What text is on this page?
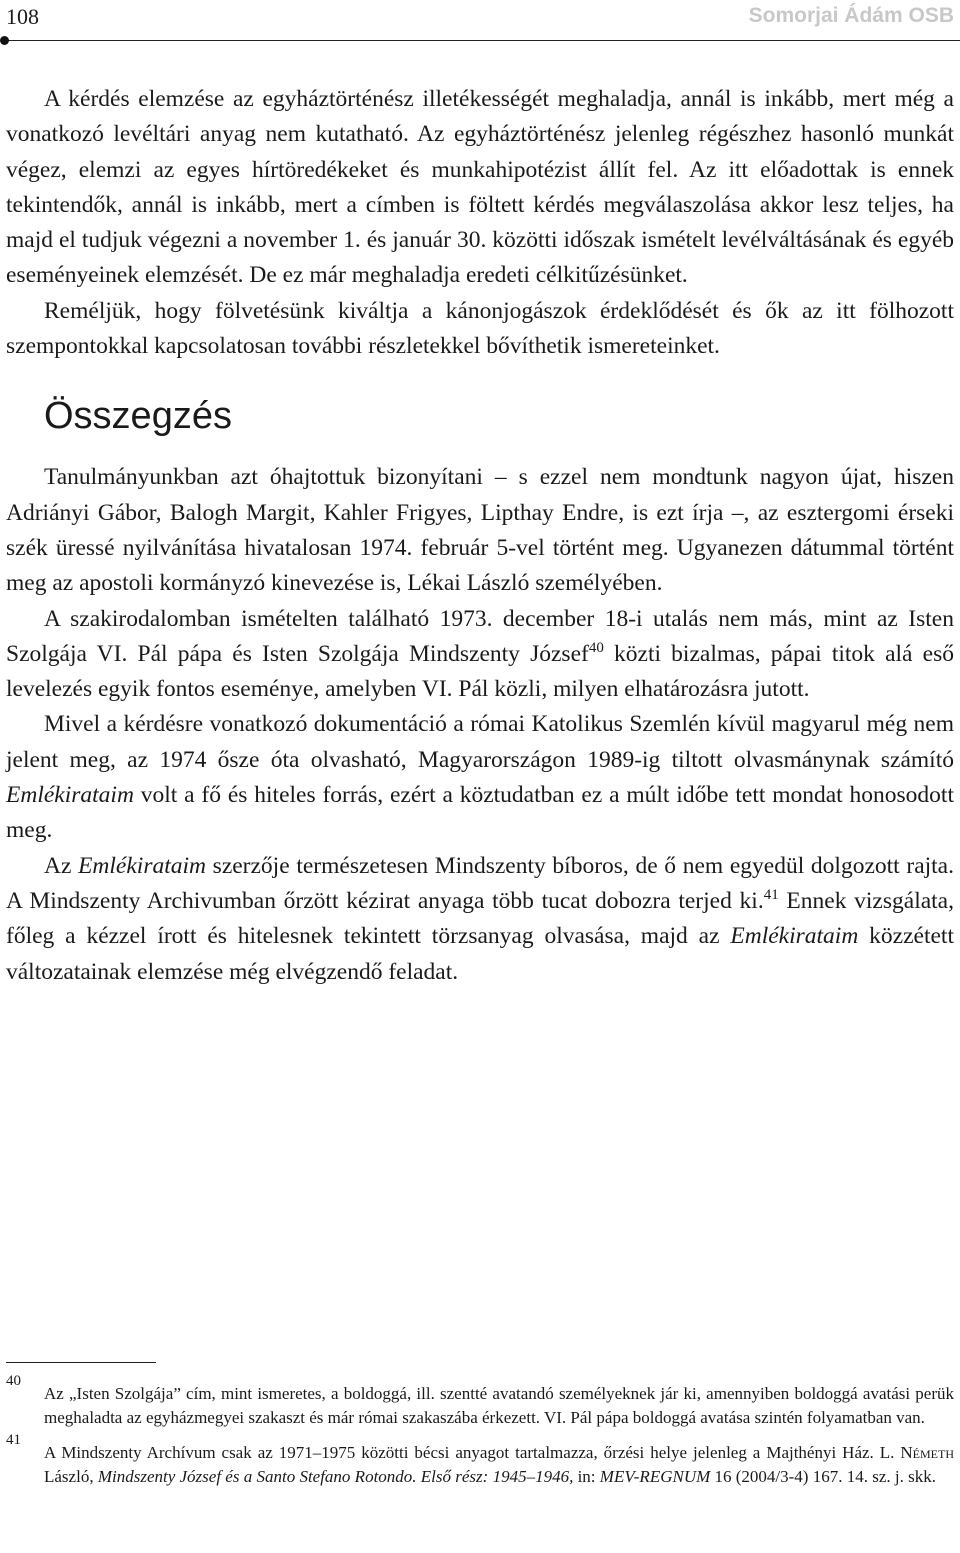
108	Somorjai Ádám OSB

A kérdés elemzése az egyháztörténész illetékességét meghaladja, annál is inkább, mert még a vonatkozó levéltári anyag nem kutatható. Az egyháztörténész jelenleg régészhez hasonló munkát végez, elemzi az egyes hírtöredékeket és munkahipotézist állít fel. Az itt előadottak is ennek tekintendők, annál is inkább, mert a címben is föltett kérdés megválaszolása akkor lesz teljes, ha majd el tudjuk végezni a november 1. és január 30. közötti időszak ismételt levélváltásának és egyéb eseményeinek elemzését. De ez már meghaladja eredeti célkitűzésünket.

Reméljük, hogy fölvetésünk kiváltja a kánonjogászok érdeklődését és ők az itt fölhozott szempontokkal kapcsolatosan további részletekkel bővíthetik ismereteinket.

Összegzés

Tanulmányunkban azt óhajtottuk bizonyítani – s ezzel nem mondtunk nagyon újat, hiszen Adriányi Gábor, Balogh Margit, Kahler Frigyes, Lipthay Endre, is ezt írja –, az esztergomi érseki szék üressé nyilvánítása hivatalosan 1974. február 5-vel történt meg. Ugyanezen dátummal történt meg az apostoli kormányzó kinevezése is, Lékai László személyében.

A szakirodalomban ismételten található 1973. december 18-i utalás nem más, mint az Isten Szolgája VI. Pál pápa és Isten Szolgája Mindszenty József$^{40}$ közti bizalmas, pápai titok alá eső levelezés egyik fontos eseménye, amelyben VI. Pál közli, milyen elhatározásra jutott.

Mivel a kérdésre vonatkozó dokumentáció a római Katolikus Szemlén kívül magyarul még nem jelent meg, az 1974 ősze óta olvasható, Magyarországon 1989-ig tiltott olvasmánynak számító Emlékirataim volt a fő és hiteles forrás, ezért a köztudatban ez a múlt időbe tett mondat honosodott meg.

Az Emlékirataim szerzője természetesen Mindszenty bíboros, de ő nem egyedül dolgozott rajta. A Mindszenty Archivumban őrzött kézirat anyaga több tucat dobozra terjed ki.$^{41}$ Ennek vizsgálata, főleg a kézzel írott és hitelesnek tekintett törzsanyag olvasása, majd az Emlékirataim közzétett változatainak elemzése még elvégzendő feladat.

40
Az „Isten Szolgája” cím, mint ismeretes, a boldoggá, ill. szentté avatandó személyeknek jár ki, amennyiben boldoggá avatási perük meghaladta az egyházmegyei szakaszt és már római szakaszába érkezett. VI. Pál pápa boldoggá avatása szintén folyamatban van.
41
A Mindszenty Archívum csak az 1971–1975 közötti bécsi anyagot tartalmazza, őrzési helye jelenleg a Majthényi Ház. L. Németh László, Mindszenty József és a Santo Stefano Rotondo. Első rész: 1945–1946, in: MEV-REGNUM 16 (2004/3-4) 167. 14. sz. j. skk.
